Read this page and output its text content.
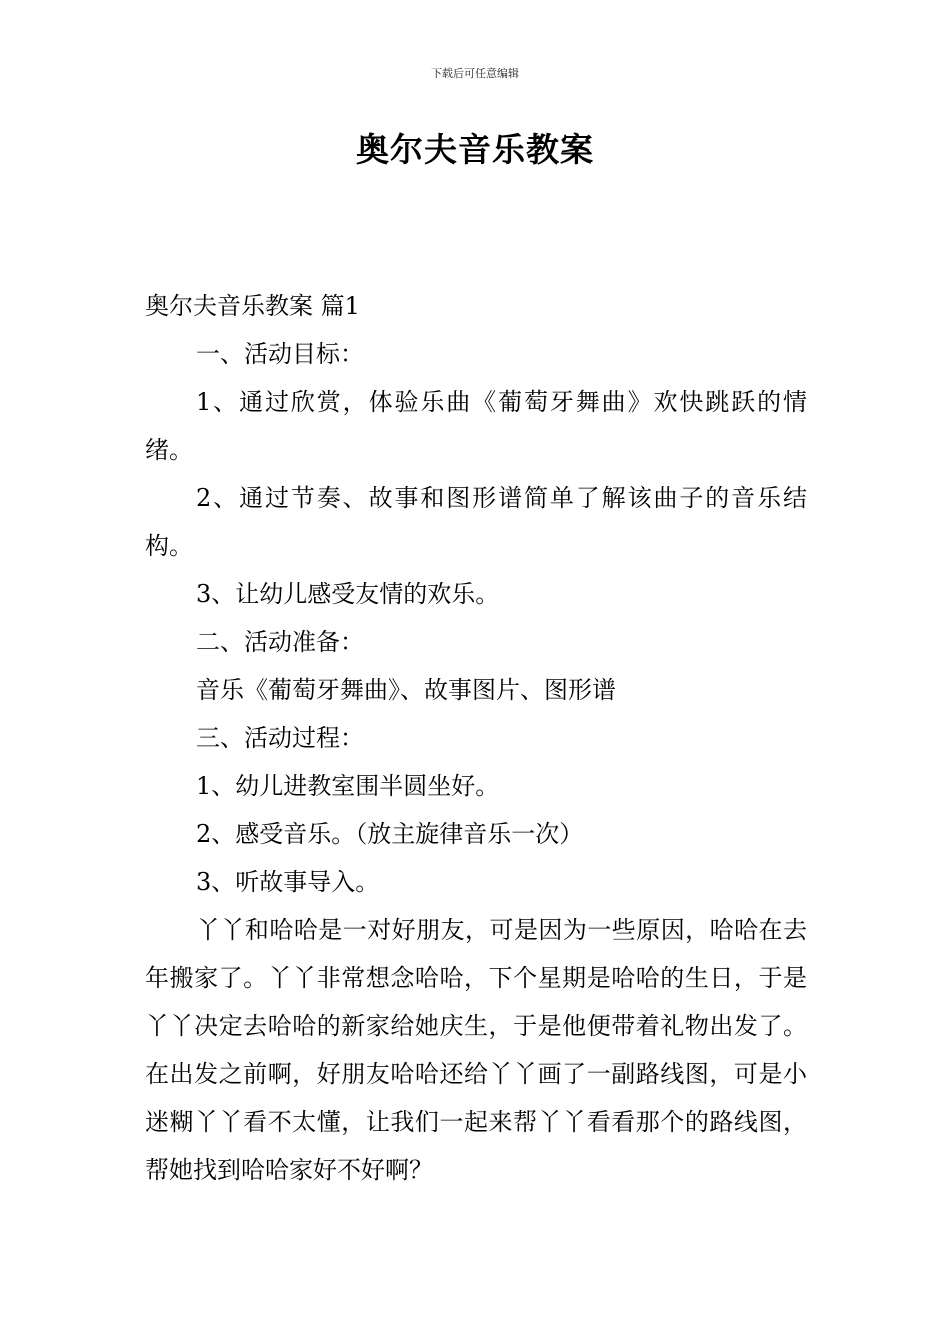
下载后可任意编辑
奥尔夫音乐教案

奥尔夫音乐教案 篇1

一、活动目标：

1、通过欣赏，体验乐曲《葡萄牙舞曲》欢快跳跃的情绪。

2、通过节奏、故事和图形谱简单了解该曲子的音乐结构。

3、让幼儿感受友情的欢乐。

二、活动准备：

音乐《葡萄牙舞曲》、故事图片、图形谱

三、活动过程：

1、幼儿进教室围半圆坐好。

2、感受音乐。（放主旋律音乐一次）

3、听故事导入。

丫丫和哈哈是一对好朋友，可是因为一些原因，哈哈在去年搬家了。丫丫非常想念哈哈，下个星期是哈哈的生日，于是丫丫决定去哈哈的新家给她庆生，于是他便带着礼物出发了。在出发之前啊，好朋友哈哈还给丫丫画了一副路线图，可是小迷糊丫丫看不太懂，让我们一起来帮丫丫看看那个的路线图，帮她找到哈哈家好不好啊？
